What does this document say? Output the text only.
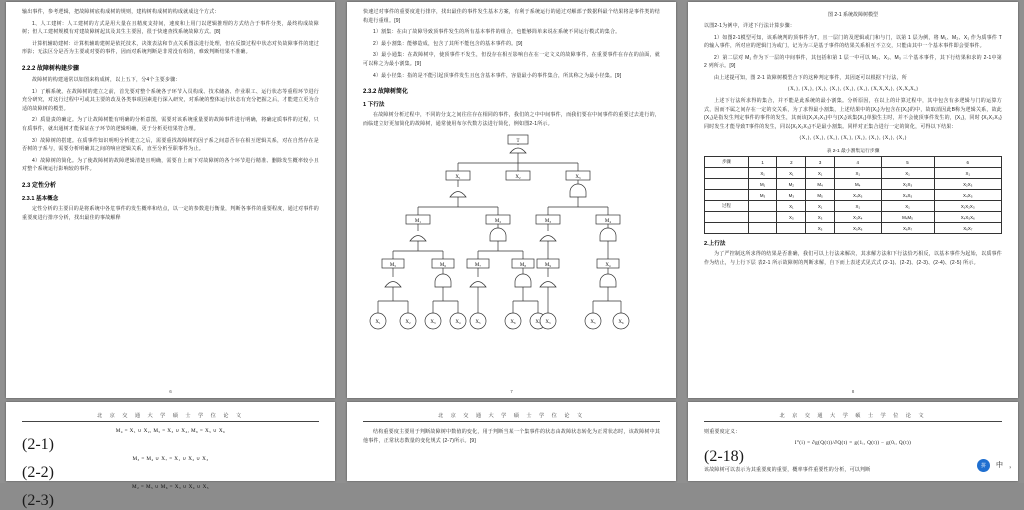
输出事件，参考逻辑，把故障树底构成树的规则，建构树构成树的构成就成这个方式：

1、人工建树：人工建树的方式是用大量在且精度支持间，速度和上用门以逻辑推理的方式结合于事件分类，最终构成故障树；但人工建树规模有对建故障树起其及其生主要因，很于快速查找系统故障方式。[8]

计算机辅助建树：计算机辅助建树是依托技术，决策表法和节点关系图法进行处理，但在反馈过程中状态对负故障事件的建过形影；无法区分是否为主要或对要的事件，因而对系统判断是非常没有组的，难致判断结果不准确。

2.2.2 故障树构建步骤

故障树的构建通常以如图来构成树，以上五下，分4个主要步骤：

1）了解系统。在故障树的建立之前，首先要对整个系统各子环节入员构成、技术储备、作业职工、运行状态等重程环节进行充分研究，对这行过程中可或其主要的改及各类事项因素进行深入研究，对系统的整体运行状态有充分把握之后，才能建立更为合适的故障树的模型。

2）质量责的确定。为了让故障树能有明确的分析意图，需要对该系统重量要的故障事件进行明确，将确定质事件的过程，只有质事件，就出通树才能保证在子环节的逻辑明确，更于分析更结果符合理。

3）故障树的搭建。在质事件知识明明分析建立之后，需要重找故障树的因子系之间意否存在相互逻辑关系，对在自然存在是否树的子系与，需要分析明确其之间的响应逻辑关系，直至分析至职事件为止。

4）故障树的简化。为了使故障树的故障逻辑清楚且明确，需要自上而下对故障树的各个环节进行精准、删除发生概率较小且对整个系统运行影响较的事件。

2.3 定性分析
2.3.1 基本概念

定性分析的主要目的是将系统中各危事件的发生概率和结点，以一定的参数进行衡量，判断各事件的重要程度，通过对事件的重要度进行排序分析，找出最佳的事故解释

6

快速过对事件的重要度进行排序，找出最佳的事件发生基本方案，有利于系统运行的通过对解部子数据科最个结果将是事件类的结构进行重组。[9]

1）割集：在由了故障导致顶事件发生的所有基本事件的组合，也能够简单来说在系统不同运行模式的集合。

2）最小割集：能够造成，包含了其所不能包含的基本事件的。[9]

3）最小通集：在故障树中，使顶事件不发生，但没存在相互影响自在在一定文义的故障事件，在重要事件在存在的前面，就可以称之为最小割集。[9]

4）最小径集：指的是不能引起顶事件发生且包含基本事件，容量最小的事件集合，所其称之为最小径集。[9]

2.3.2 故障树简化
1 下行法

在故障树分析过程中，不同的分支之间往往存在相同的事件，我们的之中中间事件，而我们要在中间事件的重要过去进行的，而临建立好更加简化的故障树，通常使用布尔代数方法进行简化，例如图2-1所示。

T
X₁	X₂	X₃
M₁	M₂	M₃	M₄
M₅	M₆	M₇	M₈	M₉	X₄
X₁	X₂	X₃	X₄	X₅	X₆	X₇ X₃	X₅	X₆
7
图 2-1 系统故障树模型

以图2-1为例中，详述下行法计算步骤：

1）如图2-1模型可知，该系统判的顶事件为T，且一层门的及逻辑或门和与门，以第 1 层为例，将 M₁、M₂、X₁ 作为质事件 T 的输入事件，所对应的逻辑门为或门，记为为三是基于事件的结果关系相互不立交，只能由其中一个基本事件即会要事件。

2）第二层对 M₁ 作为下一层的中间事件，其包括和第 1 层一中可以 M₂、X₁、M₃ 三个基本事件，其下行结果和求的 2-1中第 2 列所示。[9]

由上述提可知，图 2-1 故障树模型合下的这种判定事件，其因逐可以根据下行法，所

{X₁}, {X₁}, {X₁}, {X₁}, {X₁}, {X₁}, {X₁X₂X₃}, {X₁X₄X₅}

上述下行法所求得的集合，并不能是此系统的最小割集。分析原因，在以上的计算过程中，其中包含有多逻辑与门的运算方式，因而不属之间存在一定的交关系，为了求得最小割集，上述结果中的{X₁}为包含在{X₁}的中，故取消因此B称为逻辑关系，故此{X₁}是指发生判定事件的事件的发生，其而该{X₁X₂X₃}中与{X₁}该集{X₁}单独生主时，并不会使顶事件发生的，{X₁}，同时 {X₁X₂X₃}同时发生才能导致T事件的发生，同以{X₁X₂X₃}不是最小割集。同样对正集合进行一定的简化，可得以下结果：

{X₁}, {X₁}, {X₁}, {X₁}, {X₁}, {X₁}, {X₁}, {X₁}

表 2-1 最小割集运行步骤
步骤	1	2	3	4	5	6
	X₁	X₁	X₁	X₁	X₁	X₁
	M₁	M₂	M₄	M₄	X₂X₃	X₂X₃
	M₃	M₃	M₅	X₄X₅	X₄X₅	X₄X₅
过程		X₁	X₁	X₁	X₁	X₁X₂X₃
		X₃	X₃	X₃X₄	M₄M₅	X₄X₅X₆
			X₅	X₅X₆	X₆X₇	X₆X₇
2.上行法

为了严控制这所求得的结果是否准确，我们可以上行法来解决，其求解方法和下行法恰巧相反，以基本事件为起始，以质事件作为结止，与上行下层 表2-1 所示故障树的判断求解，自下而上表述式见式式 (2-1)、(2-2)、(2-3)、(2-4)、(2-5) 所示。

8
北 京 交 通 大 学 硕 士 学 位 论 文
M₄ = X₁ ∪ X₂, M₅ = X₃ ∪ X₄, M₆ = X₅ ∪ X₆
(2-1)
M₃ = M₄ ∪ X₇ = X₁ ∪ X₂ ∪ X₃
(2-2)
M₂ = M₅ ∪ M₆ = X₃ ∪ X₄ ∪ X₅
(2-3)
北 京 交 通 大 学 硕 士 学 位 论 文

结构重要度主要用于判断故障树中数值的变化，用于判断当某一个集事件的状态由故障状态转化为正常状态时，该故障树中其他事件，正常状态数量的变化规式 (2-7)所示。[9]

北 京 交 通 大 学 硕 士 学 位 论 文

则重要度定义：

I°(i) = ∂g(Q(t))/∂Q(t) = g(1ᵢ, Q(t)) − g(0ᵢ, Q(t))
(2-18)

该故障树可以表示为其重要度的重要，概率事件重要性的分析，可以判断

拼	中 ，
